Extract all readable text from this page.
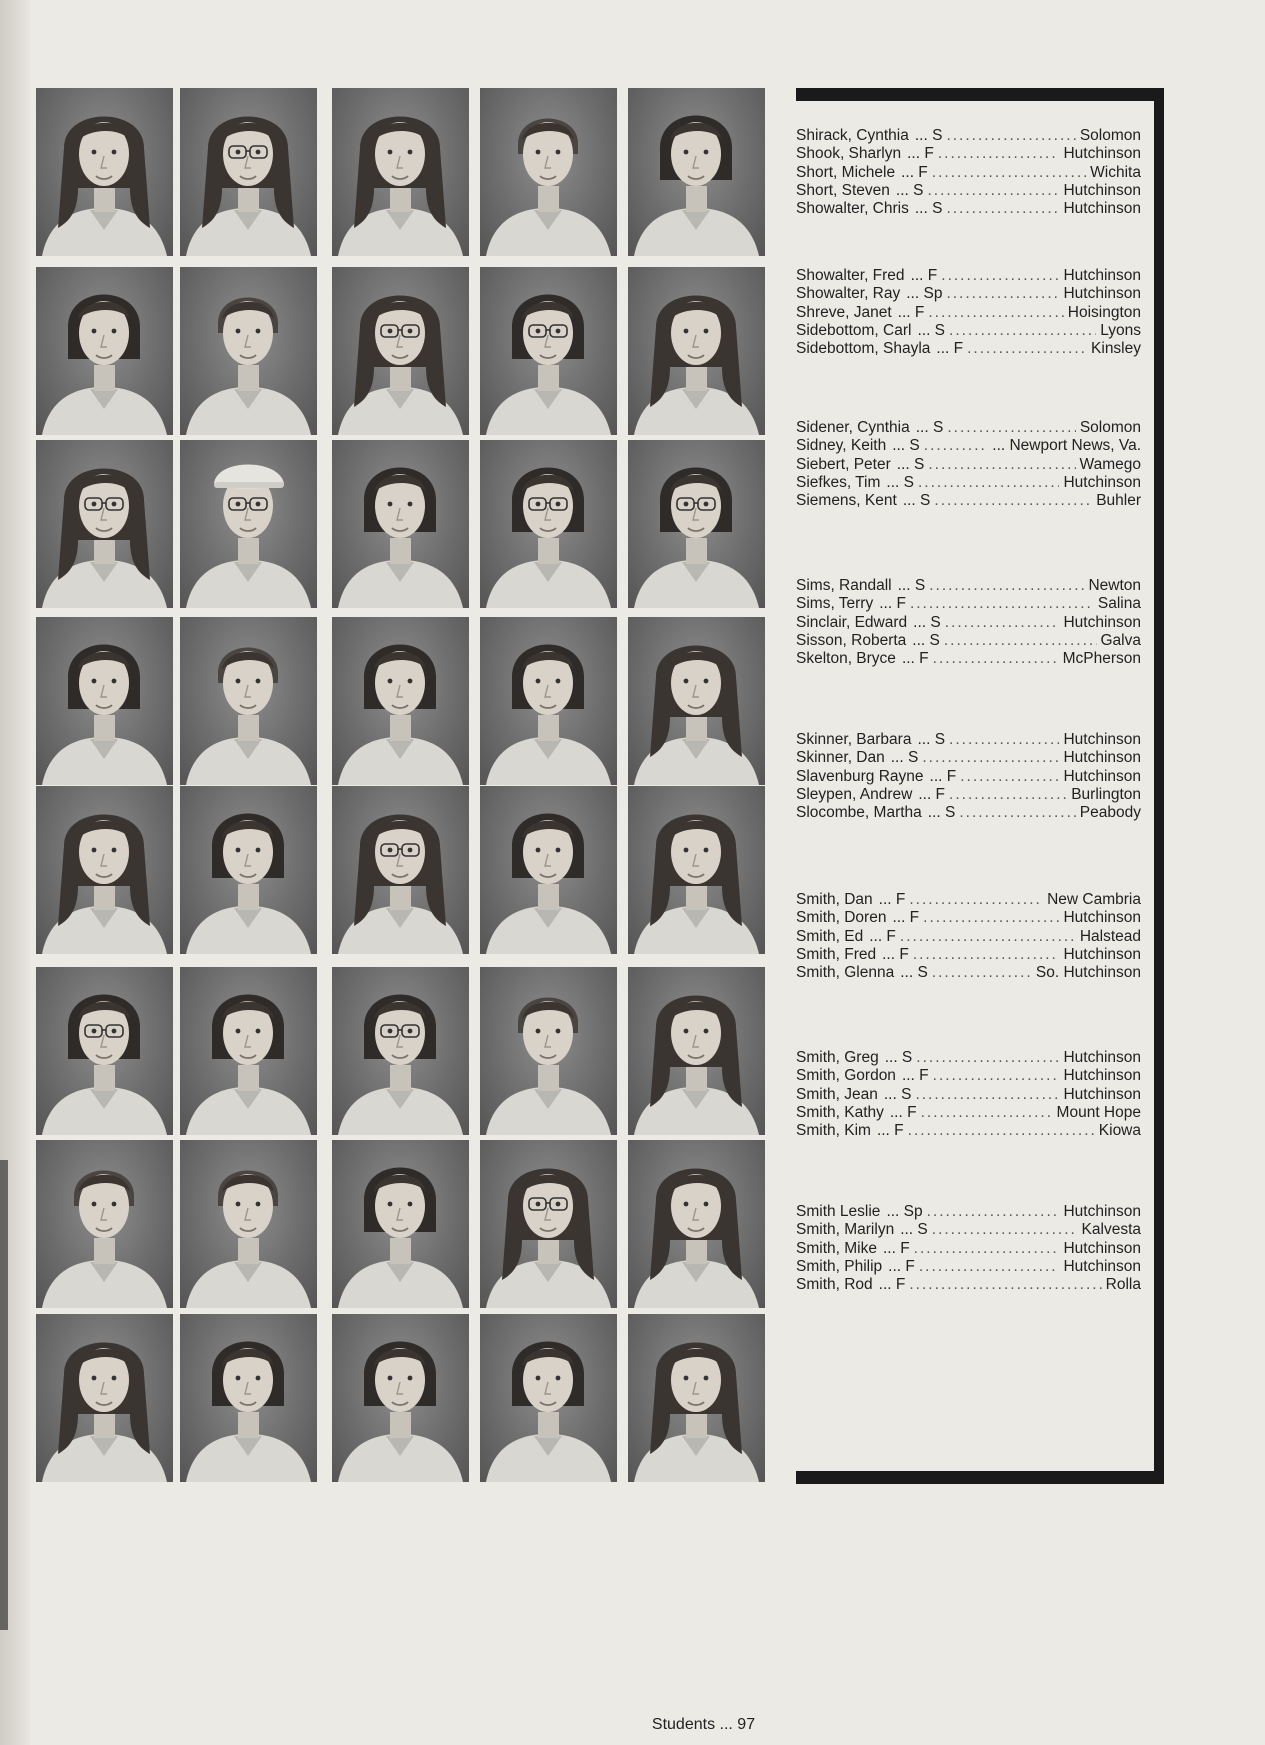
Shirack, Cynthia ... S .....	Solomon
Shook, Sharlyn ... F .....	Hutchinson
Short, Michele ... F .....	Wichita
Short, Steven ... S .....	Hutchinson
Showalter, Chris ... S .....	Hutchinson
Showalter, Fred ... F .....	Hutchinson
Showalter, Ray ... Sp .....	Hutchinson
Shreve, Janet ... F .....	Hoisington
Sidebottom, Carl ... S .....	Lyons
Sidebottom, Shayla ... F .....	Kinsley
Sidener, Cynthia ... S .....	Solomon
Sidney, Keith ... S .....	... Newport News, Va.
Siebert, Peter ... S .....	Wamego
Siefkes, Tim ... S .....	Hutchinson
Siemens, Kent ... S .....	Buhler
Sims, Randall ... S .....	Newton
Sims, Terry ... F .....	Salina
Sinclair, Edward ... S .....	Hutchinson
Sisson, Roberta ... S .....	Galva
Skelton, Bryce ... F .....	McPherson
Skinner, Barbara ... S .....	Hutchinson
Skinner, Dan ... S .....	Hutchinson
Slavenburg Rayne ... F .....	Hutchinson
Sleypen, Andrew ... F .....	Burlington
Slocombe, Martha ... S .....	Peabody
Smith, Dan ... F .....	New Cambria
Smith, Doren ... F .....	Hutchinson
Smith, Ed ... F .....	Halstead
Smith, Fred ... F .....	Hutchinson
Smith, Glenna ... S .....	So. Hutchinson
Smith, Greg ... S .....	Hutchinson
Smith, Gordon ... F .....	Hutchinson
Smith, Jean ... S .....	Hutchinson
Smith, Kathy ... F .....	Mount Hope
Smith, Kim ... F .....	Kiowa
Smith Leslie ... Sp .....	Hutchinson
Smith, Marilyn ... S .....	Kalvesta
Smith, Mike ... F .....	Hutchinson
Smith, Philip ... F .....	Hutchinson
Smith, Rod ... F .....	Rolla
Students ... 97
